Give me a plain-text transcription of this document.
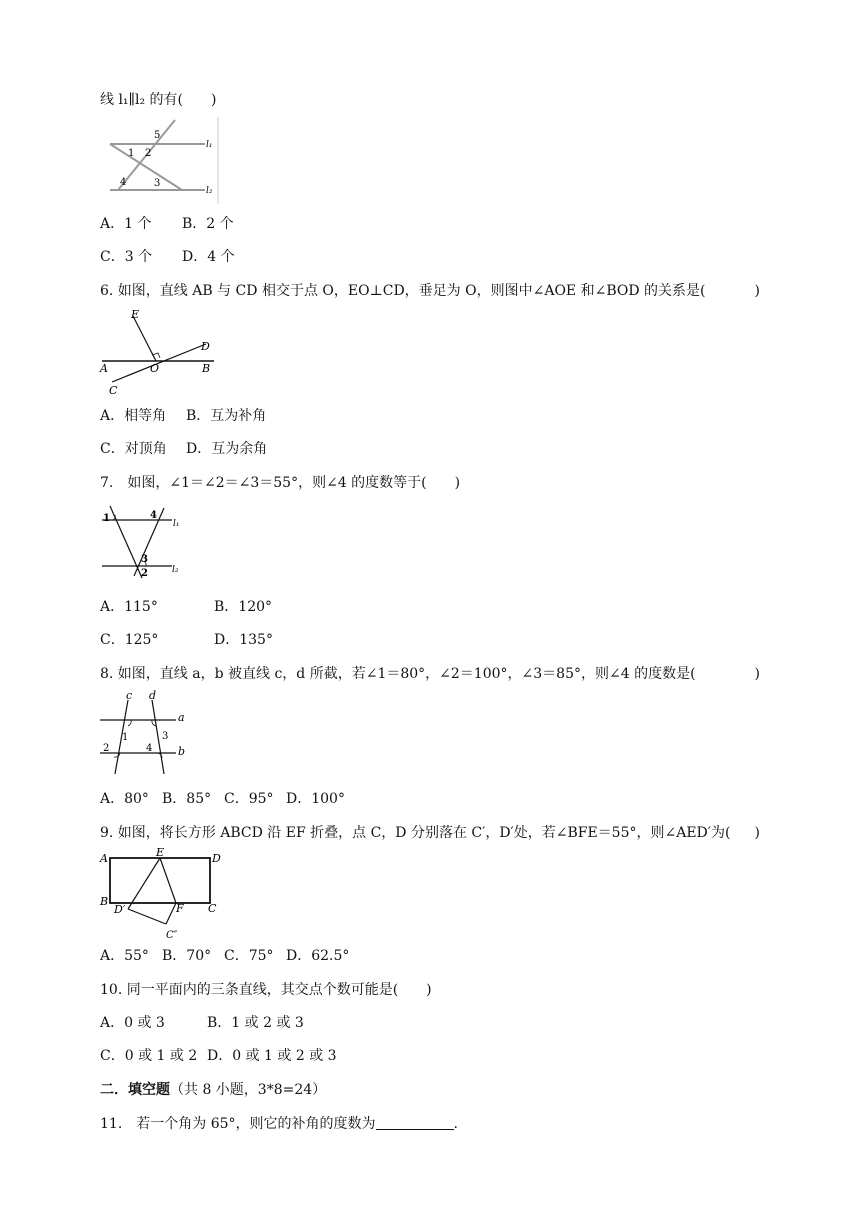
线 l₁∥l₂ 的有(　　)
1 2
3
4
5
l₁
l₂
A．1 个 B．2 个
C．3 个 D．4 个
6. 如图，直线 AB 与 CD 相交于点 O，EO⊥CD，垂足为 O，则图中∠AOE 和∠BOD 的关系是(	)
E
D
A	O	B
C
A．相等角 B．互为补角
C．对顶角 D．互为余角
7.　如图，∠1＝∠2＝∠3＝55°，则∠4 的度数等于(　　)
1	4
l₁
3
2	l₂
A．115°	B．120°
C．125°	D．135°
8. 如图，直线 a，b 被直线 c，d 所截，若∠1＝80°，∠2＝100°，∠3＝85°，则∠4 的度数是(	)
c d
a
1	3
2	4 b
A．80° B．85° C．95° D．100°
9. 如图，将长方形 ABCD 沿 EF 折叠，点 C，D 分别落在 C′，D′处，若∠BFE＝55°，则∠AED′为(	)
A	E	D
B
D′	F C
C″
A．55° B．70° C．75° D．62.5°
10. 同一平面内的三条直线，其交点个数可能是(　　)
A．0 或 3	B．1 或 2 或 3
C．0 或 1 或 2 D．0 或 1 或 2 或 3
二．填空题（共 8 小题，3*8=24）
11.　若一个角为 65°，则它的补角的度数为	.
